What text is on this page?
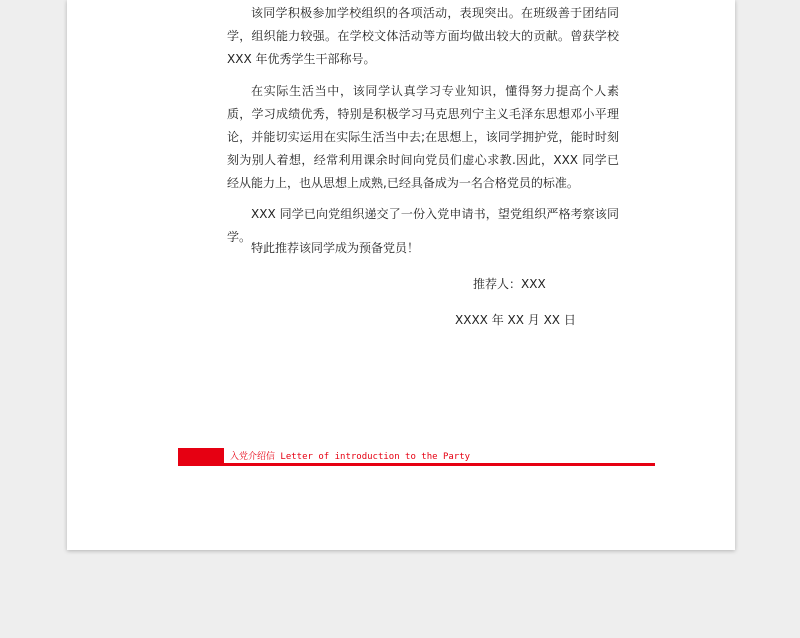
该同学积极参加学校组织的各项活动，表现突出。在班级善于团结同学，组织能力较强。在学校文体活动等方面均做出较大的贡献。曾获学校 XXX 年优秀学生干部称号。

在实际生活当中，该同学认真学习专业知识，懂得努力提高个人素质，学习成绩优秀，特别是积极学习马克思列宁主义毛泽东思想邓小平理论，并能切实运用在实际生活当中去;在思想上，该同学拥护党，能时时刻刻为别人着想，经常利用课余时间向党员们虚心求教.因此，XXX 同学已经从能力上，也从思想上成熟,已经具备成为一名合格党员的标准。

XXX 同学已向党组织递交了一份入党申请书，望党组织严格考察该同学。

特此推荐该同学成为预备党员！

推荐人：XXX
XXXX 年 XX 月 XX 日
入党介绍信 Letter of introduction to the Party
